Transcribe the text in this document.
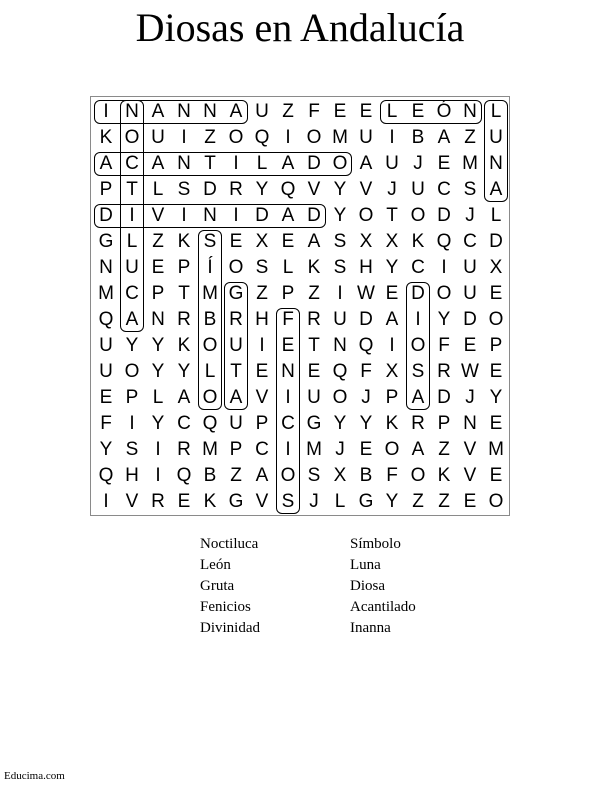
Diosas en Andalucía
I N A N N A U Z F E E L E Ó N L
K O U I Z O Q I O M U I B A Z U
A C A N T I L A D O A U J E M N
P T L S D R Y Q V Y V J U C S A
D I V I N I D A D Y O T O D J L
G L Z K S E X E A S X X K Q C D
N U E P Í O S L K S H Y C I U X
M C P T M G Z P Z I W E D O U E
Q A N R B R H F R U D A I Y D O
U Y Y K O U I E T N Q I O F E P
U O Y Y L T E N E Q F X S R W E
E P L A O A V I U O J P A D J Y
F I Y C Q U P C G Y Y K R P N E
Y S I R M P C I M J E O A Z V M
Q H I Q B Z A O S X B F O K V E
I V R E K G V S J L G Y Z Z E O
Noctiluca
León
Gruta
Fenicios
Divinidad
Símbolo
Luna
Diosa
Acantilado
Inanna
Educima.com
